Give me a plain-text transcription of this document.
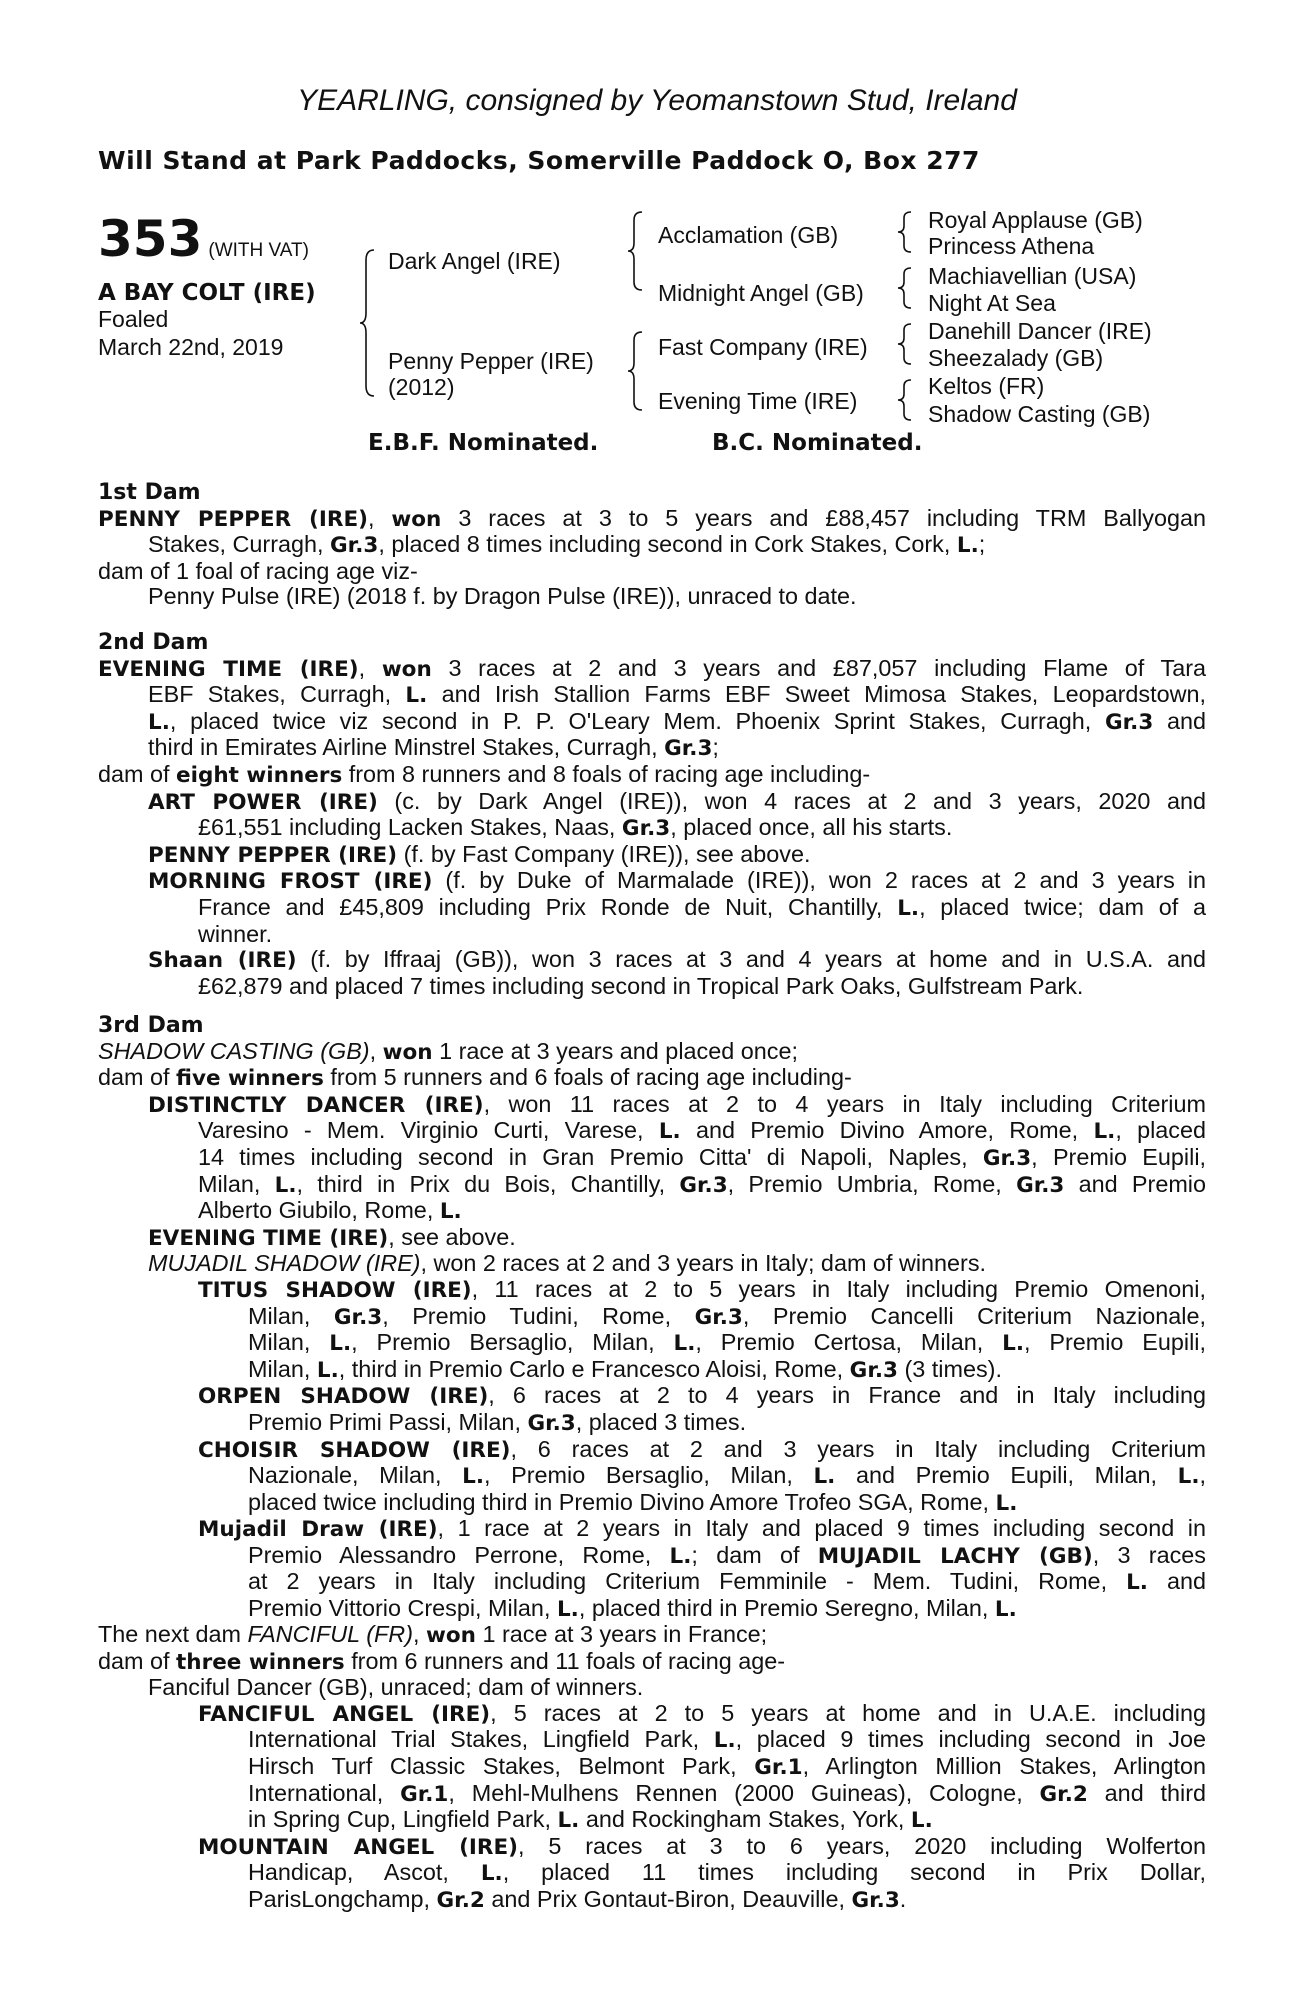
YEARLING, consigned by Yeomanstown Stud, Ireland
Will Stand at Park Paddocks, Somerville Paddock O, Box 277
353 (WITH VAT)
A BAY COLT (IRE)
Foaled
March 22nd, 2019
Dark Angel (IRE)
Penny Pepper (IRE)
(2012)
Acclamation (GB)
Midnight Angel (GB)
Fast Company (IRE)
Evening Time (IRE)
Royal Applause (GB)
Princess Athena
Machiavellian (USA)
Night At Sea
Danehill Dancer (IRE)
Sheezalady (GB)
Keltos (FR)
Shadow Casting (GB)
E.B.F. Nominated.	B.C. Nominated.
1st Dam
PENNY PEPPER (IRE), won 3 races at 3 to 5 years and £88,457 including TRM Ballyogan
Stakes, Curragh, Gr.3, placed 8 times including second in Cork Stakes, Cork, L.;
dam of 1 foal of racing age viz-
Penny Pulse (IRE) (2018 f. by Dragon Pulse (IRE)), unraced to date.
2nd Dam
EVENING TIME (IRE), won 3 races at 2 and 3 years and £87,057 including Flame of Tara
EBF Stakes, Curragh, L. and Irish Stallion Farms EBF Sweet Mimosa Stakes, Leopardstown,
L., placed twice viz second in P. P. O'Leary Mem. Phoenix Sprint Stakes, Curragh, Gr.3 and
third in Emirates Airline Minstrel Stakes, Curragh, Gr.3;
dam of eight winners from 8 runners and 8 foals of racing age including-
ART POWER (IRE) (c. by Dark Angel (IRE)), won 4 races at 2 and 3 years, 2020 and
£61,551 including Lacken Stakes, Naas, Gr.3, placed once, all his starts.
PENNY PEPPER (IRE) (f. by Fast Company (IRE)), see above.
MORNING FROST (IRE) (f. by Duke of Marmalade (IRE)), won 2 races at 2 and 3 years in
France and £45,809 including Prix Ronde de Nuit, Chantilly, L., placed twice; dam of a
winner.
Shaan (IRE) (f. by Iffraaj (GB)), won 3 races at 3 and 4 years at home and in U.S.A. and
£62,879 and placed 7 times including second in Tropical Park Oaks, Gulfstream Park.
3rd Dam
SHADOW CASTING (GB), won 1 race at 3 years and placed once;
dam of five winners from 5 runners and 6 foals of racing age including-
DISTINCTLY DANCER (IRE), won 11 races at 2 to 4 years in Italy including Criterium
Varesino - Mem. Virginio Curti, Varese, L. and Premio Divino Amore, Rome, L., placed
14 times including second in Gran Premio Citta' di Napoli, Naples, Gr.3, Premio Eupili,
Milan, L., third in Prix du Bois, Chantilly, Gr.3, Premio Umbria, Rome, Gr.3 and Premio
Alberto Giubilo, Rome, L.
EVENING TIME (IRE), see above.
MUJADIL SHADOW (IRE), won 2 races at 2 and 3 years in Italy; dam of winners.
TITUS SHADOW (IRE), 11 races at 2 to 5 years in Italy including Premio Omenoni,
Milan, Gr.3, Premio Tudini, Rome, Gr.3, Premio Cancelli Criterium Nazionale,
Milan, L., Premio Bersaglio, Milan, L., Premio Certosa, Milan, L., Premio Eupili,
Milan, L., third in Premio Carlo e Francesco Aloisi, Rome, Gr.3 (3 times).
ORPEN SHADOW (IRE), 6 races at 2 to 4 years in France and in Italy including
Premio Primi Passi, Milan, Gr.3, placed 3 times.
CHOISIR SHADOW (IRE), 6 races at 2 and 3 years in Italy including Criterium
Nazionale, Milan, L., Premio Bersaglio, Milan, L. and Premio Eupili, Milan, L.,
placed twice including third in Premio Divino Amore Trofeo SGA, Rome, L.
Mujadil Draw (IRE), 1 race at 2 years in Italy and placed 9 times including second in
Premio Alessandro Perrone, Rome, L.; dam of MUJADIL LACHY (GB), 3 races
at 2 years in Italy including Criterium Femminile - Mem. Tudini, Rome, L. and
Premio Vittorio Crespi, Milan, L., placed third in Premio Seregno, Milan, L.
The next dam FANCIFUL (FR), won 1 race at 3 years in France;
dam of three winners from 6 runners and 11 foals of racing age-
Fanciful Dancer (GB), unraced; dam of winners.
FANCIFUL ANGEL (IRE), 5 races at 2 to 5 years at home and in U.A.E. including
International Trial Stakes, Lingfield Park, L., placed 9 times including second in Joe
Hirsch Turf Classic Stakes, Belmont Park, Gr.1, Arlington Million Stakes, Arlington
International, Gr.1, Mehl-Mulhens Rennen (2000 Guineas), Cologne, Gr.2 and third
in Spring Cup, Lingfield Park, L. and Rockingham Stakes, York, L.
MOUNTAIN ANGEL (IRE), 5 races at 3 to 6 years, 2020 including Wolferton
Handicap, Ascot, L., placed 11 times including second in Prix Dollar,
ParisLongchamp, Gr.2 and Prix Gontaut-Biron, Deauville, Gr.3.
